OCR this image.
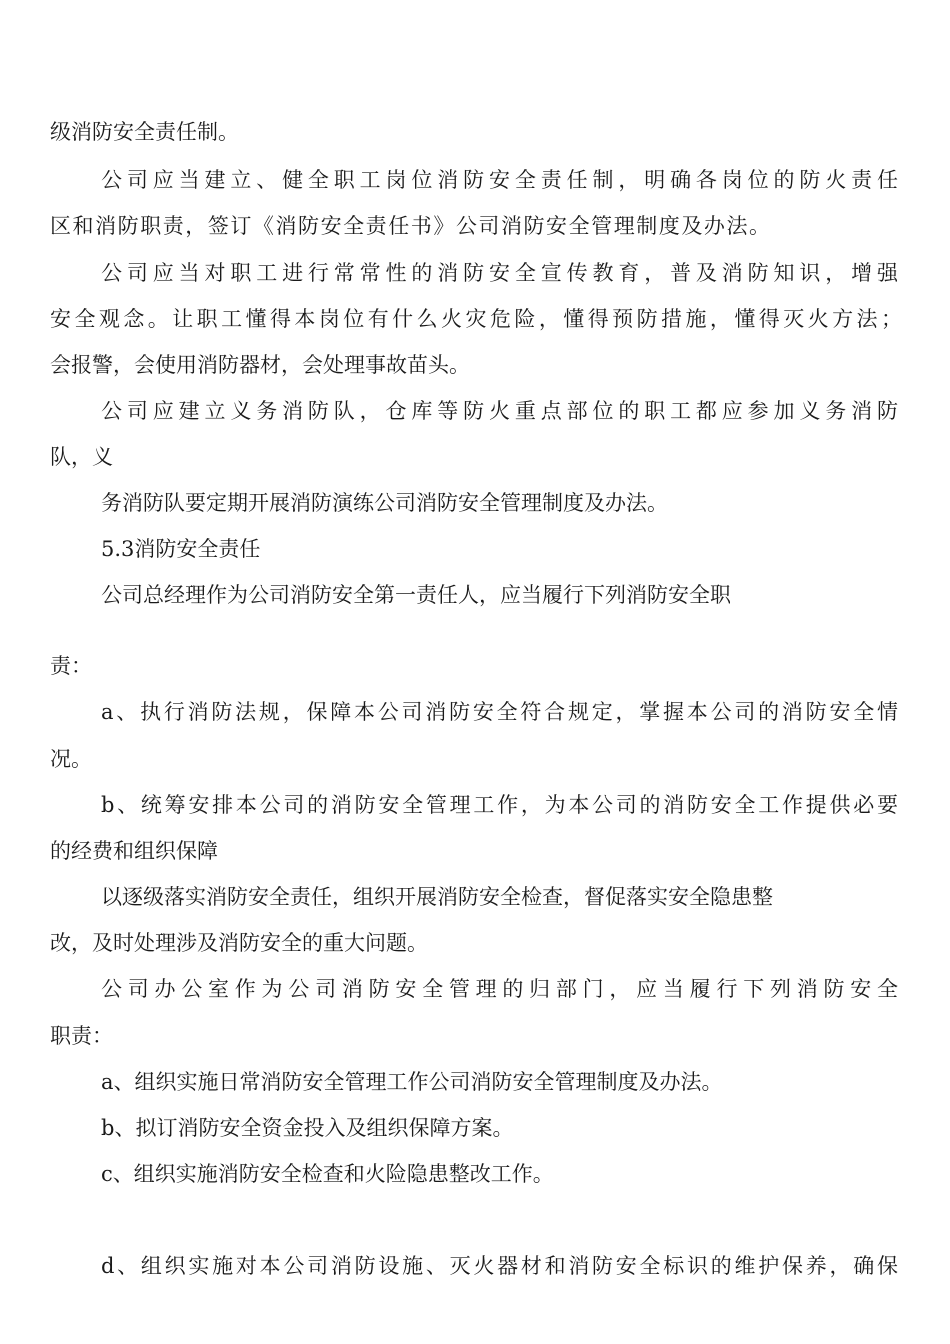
级消防安全责任制。

公司应当建立、健全职工岗位消防安全责任制，明确各岗位的防火责任

区和消防职责，签订《消防安全责任书》公司消防安全管理制度及办法。

公司应当对职工进行常常性的消防安全宣传教育，普及消防知识，增强

安全观念。让职工懂得本岗位有什么火灾危险，懂得预防措施，懂得灭火方法；

会报警，会使用消防器材，会处理事故苗头。

公司应建立义务消防队，仓库等防火重点部位的职工都应参加义务消防

队，义

务消防队要定期开展消防演练公司消防安全管理制度及办法。

5.3消防安全责任

公司总经理作为公司消防安全第一责任人，应当履行下列消防安全职

责：

a、执行消防法规，保障本公司消防安全符合规定，掌握本公司的消防安全情

况。

b、统筹安排本公司的消防安全管理工作，为本公司的消防安全工作提供必要

的经费和组织保障

以逐级落实消防安全责任，组织开展消防安全检查，督促落实安全隐患整

改，及时处理涉及消防安全的重大问题。

公司办公室作为公司消防安全管理的归部门，应当履行下列消防安全

职责：

a、组织实施日常消防安全管理工作公司消防安全管理制度及办法。

b、拟订消防安全资金投入及组织保障方案。

c、组织实施消防安全检查和火险隐患整改工作。

d、组织实施对本公司消防设施、灭火器材和消防安全标识的维护保养，确保
